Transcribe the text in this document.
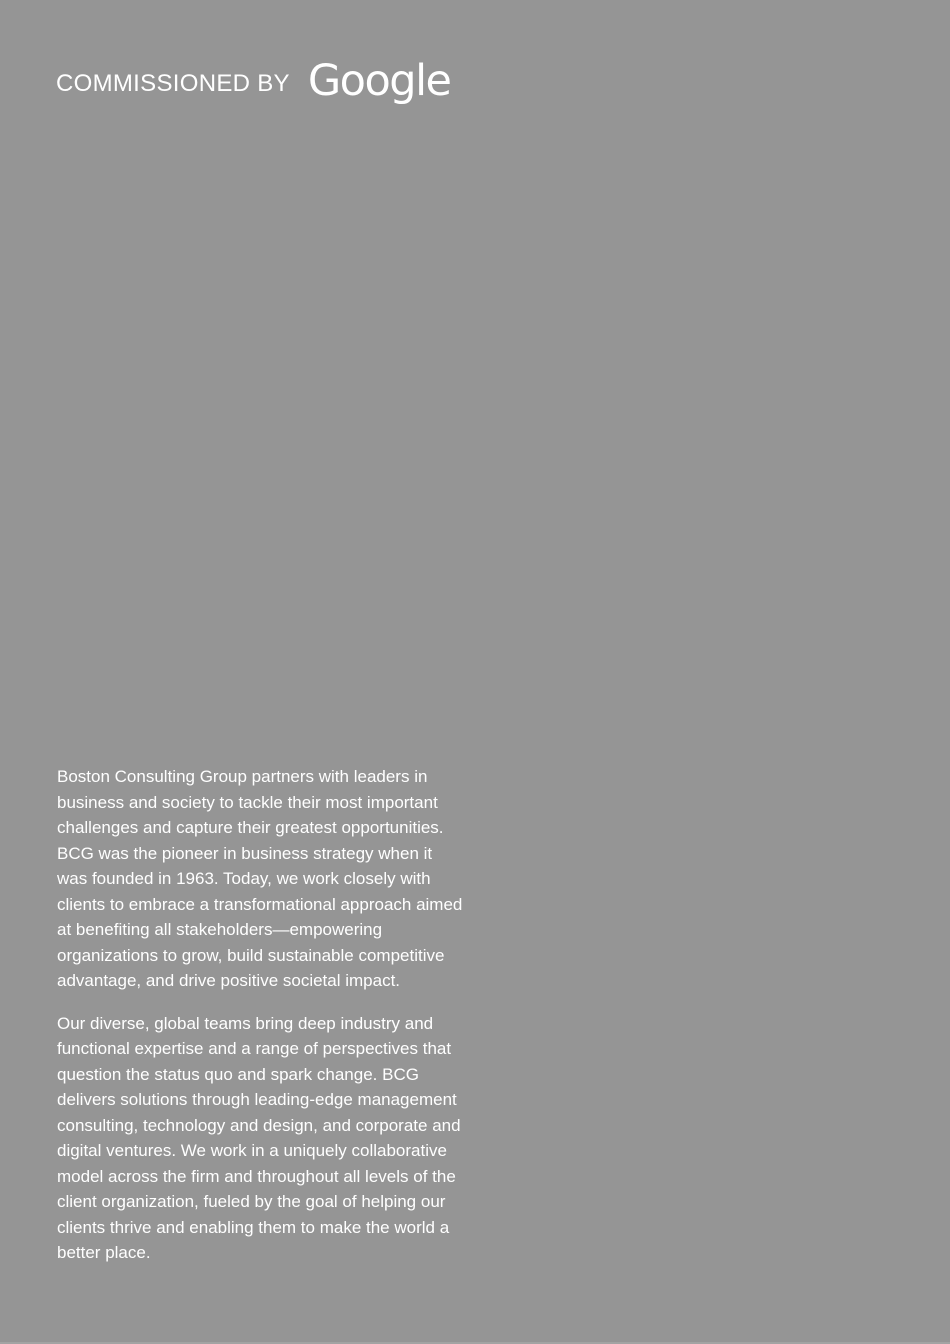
COMMISSIONED BY Google

Boston Consulting Group partners with leaders in business and society to tackle their most important challenges and capture their greatest opportunities. BCG was the pioneer in business strategy when it was founded in 1963. Today, we work closely with clients to embrace a transformational approach aimed at benefiting all stakeholders—empowering organizations to grow, build sustainable competitive advantage, and drive positive societal impact.

Our diverse, global teams bring deep industry and functional expertise and a range of perspectives that question the status quo and spark change. BCG delivers solutions through leading-edge management consulting, technology and design, and corporate and digital ventures. We work in a uniquely collaborative model across the firm and throughout all levels of the client organization, fueled by the goal of helping our clients thrive and enabling them to make the world a better place.
